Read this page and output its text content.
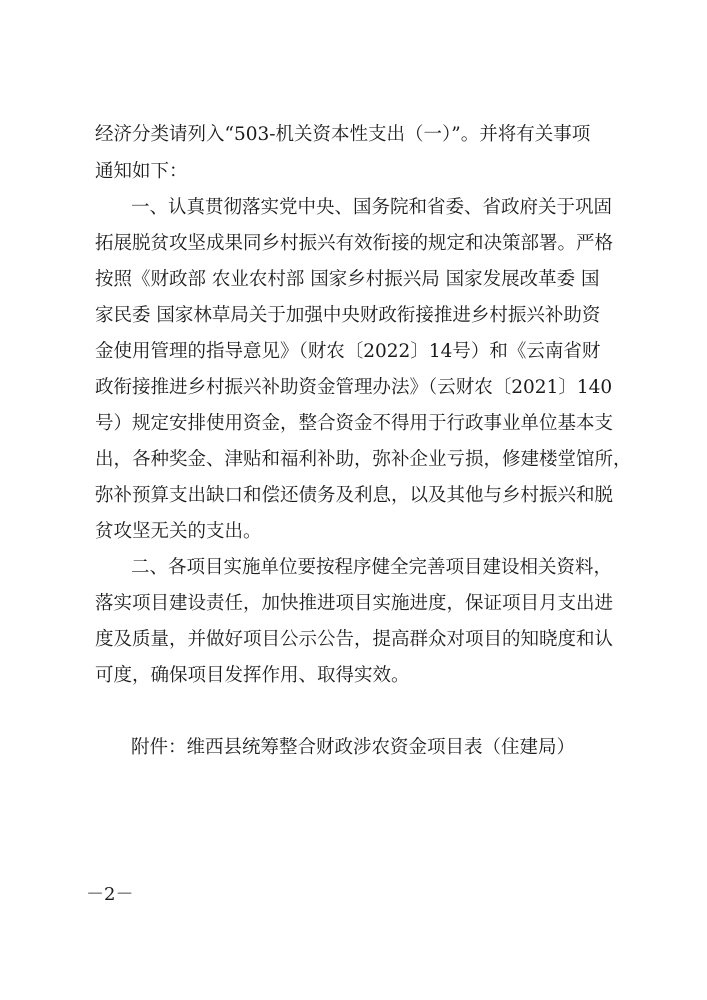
经济分类请列入“503-机关资本性支出（一）”。并将有关事项
通知如下：
一、认真贯彻落实党中央、国务院和省委、省政府关于巩固
拓展脱贫攻坚成果同乡村振兴有效衔接的规定和决策部署。严格
按照《财政部 农业农村部 国家乡村振兴局 国家发展改革委 国
家民委 国家林草局关于加强中央财政衔接推进乡村振兴补助资
金使用管理的指导意见》（财农〔2022〕14号）和《云南省财
政衔接推进乡村振兴补助资金管理办法》（云财农〔2021〕140
号）规定安排使用资金，整合资金不得用于行政事业单位基本支
出，各种奖金、津贴和福利补助，弥补企业亏损，修建楼堂馆所，
弥补预算支出缺口和偿还债务及利息，以及其他与乡村振兴和脱
贫攻坚无关的支出。
二、各项目实施单位要按程序健全完善项目建设相关资料，
落实项目建设责任，加快推进项目实施进度，保证项目月支出进
度及质量，并做好项目公示公告，提高群众对项目的知晓度和认
可度，确保项目发挥作用、取得实效。
附件：维西县统筹整合财政涉农资金项目表（住建局）
－2－
